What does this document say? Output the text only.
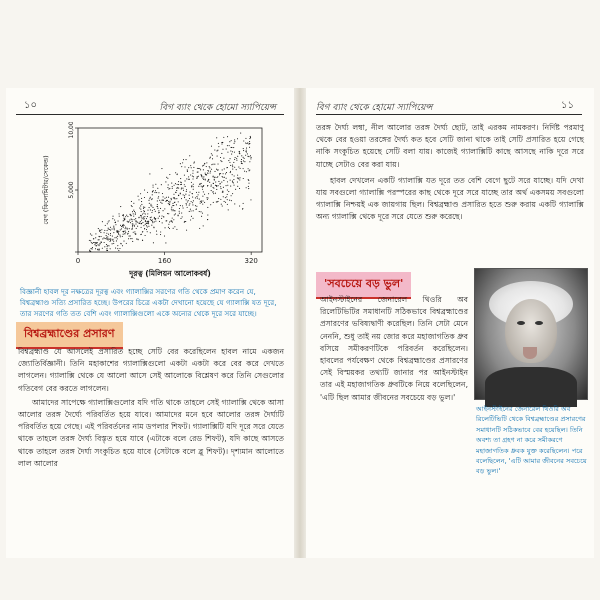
১০	বিগ ব্যাং থেকে হোমো স্যাপিয়েন্স
0	160	320
দূরত্ব (মিলিয়ন আলোকবর্ষ)
বেগ (কিলোমিটার/সেকেন্ড)	5,000
10,000
বিজ্ঞানী হাবল দূর নক্ষত্রের দূরত্ব এবং গ্যালাক্সির সরণের গতি থেকে প্রমাণ করেন যে, বিশ্বব্রহ্মাণ্ড সত্যি প্রসারিত হচ্ছে। উপরের চিত্রে একটা দেখানো হয়েছে যে গ্যালাক্সি যত দূরে, তার সরণের গতি তত বেশি এবং গ্যালাক্সিগুলো একে অন্যের থেকে দূরে সরে যাচ্ছে।
বিশ্বব্রহ্মাণ্ডের প্রসারণ

বিশ্বব্রহ্মাণ্ড যে আসলেই প্রসারিত হচ্ছে সেটি বের করেছিলেন হাবল নামে একজন জ্যোতির্বিজ্ঞানী। তিনি মহাকাশের গ্যালাক্সিগুলো একটা একটা করে বের করে দেখতে লাগলেন। গ্যালাক্সি থেকে যে আলো আসে সেই আলোকে বিশ্লেষণ করে তিনি সেগুলোর গতিবেগ বের করতে লাগলেন।

আমাদের সাপেক্ষে গ্যালাক্সিগুলোর যদি গতি থাকে তাহলে সেই গ্যালাক্সি থেকে আসা আলোর তরঙ্গ দৈর্ঘ্যে পরিবর্তিত হয়ে যাবে। আমাদের মনে হবে আলোর তরঙ্গ দৈর্ঘ্যটি পরিবর্তিত হয়ে গেছে। এই পরিবর্তনের নাম ডপলার শিফট। গ্যালাক্সিটি যদি দূরে সরে যেতে থাকে তাহলে তরঙ্গ দৈর্ঘ্য বিস্তৃত হয়ে যাবে (এটাকে বলে রেড শিফট), যদি কাছে আসতে থাকে তাহলে তরঙ্গ দৈর্ঘ্য সংকুচিত হয়ে যাবে (সেটাকে বলে ব্লু শিফট)। দৃশ্যমান আলোতে লাল আলোর

বিগ ব্যাং থেকে হোমো স্যাপিয়েন্স	১১

তরঙ্গ দৈর্ঘ্য লম্বা, নীল আলোর তরঙ্গ দৈর্ঘ্য ছোট, তাই এরকম নামকরণ। নির্দিষ্ট পরমাণু থেকে বের হওয়া তরঙ্গের দৈর্ঘ্য কত হবে সেটি জানা থাকে তাই সেটি প্রসারিত হয়ে গেছে নাকি সংকুচিত হয়েছে সেটি বলা যায়। কাজেই গ্যালাক্সিটি কাছে আসছে নাকি দূরে সরে যাচ্ছে সেটাও বের করা যায়।

হাবল দেখলেন একটি গ্যালাক্সি যত দূরে তত বেশি বেগে ছুটে সরে যাচ্ছে। যদি দেখা যায় সবগুলো গ্যালাক্সি পরস্পরের কাছ থেকে দূরে সরে যাচ্ছে তার অর্থ একসময় সবগুলো গ্যালাক্সি নিশ্চয়ই এক জায়গায় ছিল। বিশ্বব্রহ্মাণ্ড প্রসারিত হতে শুরু করায় একটি গ্যালাক্সি অন্য গ্যালাক্সি থেকে দূরে সরে যেতে শুরু করেছে।

'সবচেয়ে বড় ভুল'
আইনস্টাইনের জেনারেল থিওরি অব রিলেটিভিটির সমাধানটি সঠিকভাবে বিশ্বব্রহ্মাণ্ডের প্রসারণের ভবিষ্যদ্বাণী করেছিল। তিনি সেটা মেনে নেননি, শুধু তাই নয় জোর করে মহাজাগতিক ধ্রুব বসিয়ে সমীকরণটিকে পরিবর্তন করেছিলেন। হাবলের পর্যবেক্ষণ থেকে বিশ্বব্রহ্মাণ্ডের প্রসারণের সেই বিস্ময়কর তথ্যটি জানার পর আইনস্টাইন তার এই মহাজাগতিক ধ্রুবটিকে নিয়ে বলেছিলেন, 'এটি ছিল আমার জীবনের সবচেয়ে বড় ভুল।'
আইনস্টাইনের জেনারেল থিওরি অব রিলেটিভিটি থেকে বিশ্বব্রহ্মাণ্ডের প্রসারণের সমাধানটি সঠিকভাবে বের হয়েছিল। তিনি অবশ্য তা গ্রহণ না করে সমীকরণে মহাজাগতিক ধ্রুবক যুক্ত করেছিলেন। পরে বলেছিলেন, 'এটি আমার জীবনের সবচেয়ে বড় ভুল।'
